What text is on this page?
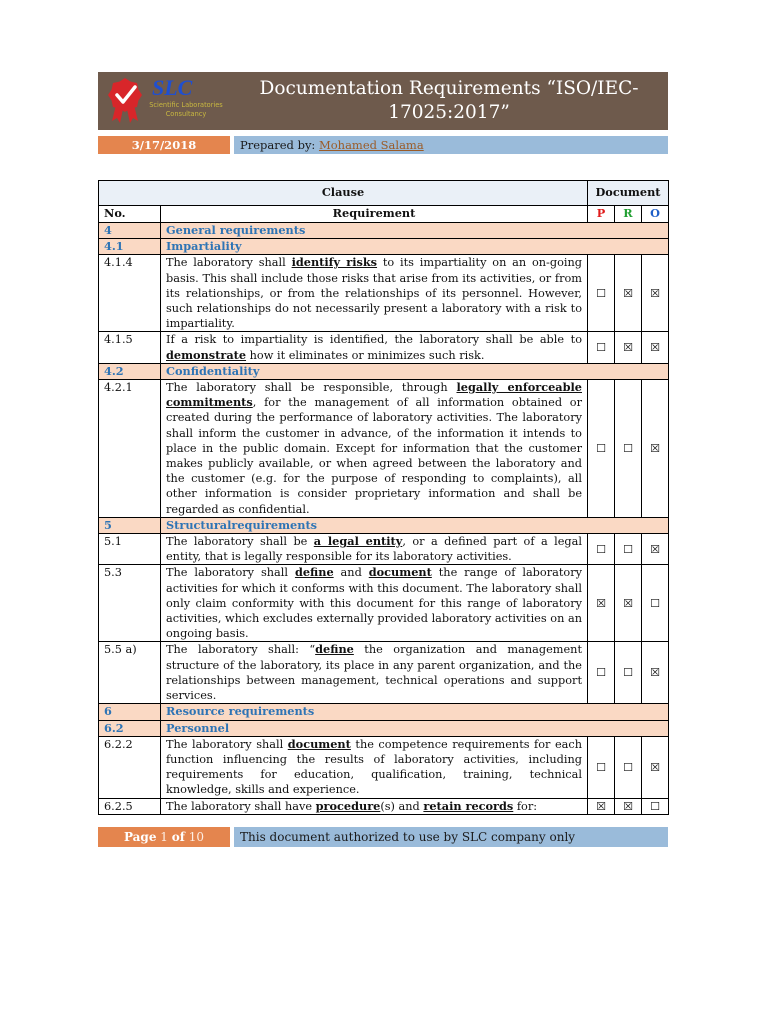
SLC
Scientific Laboratories
Consultancy
Documentation Requirements “ISO/IEC-
17025:2017”
3/17/2018	Prepared by: Mohamed Salama
Clause		Document		
No.	Requirement	P	R	O
4	General requirements			
4.1	Impartiality			
4.1.4	The laboratory shall identify risks to its impartiality on an on-going basis. This shall include those risks that arise from its activities, or from its relationships, or from the relationships of its personnel. However, such relationships do not necessarily present a laboratory with a risk to impartiality.	☐	☒	☒
4.1.5	If a risk to impartiality is identified, the laboratory shall be able to demonstrate how it eliminates or minimizes such risk.	☐	☒	☒
4.2	Confidentiality			
4.2.1	The laboratory shall be responsible, through legally enforceable commitments, for the management of all information obtained or created during the performance of laboratory activities. The laboratory shall inform the customer in advance, of the information it intends to place in the public domain. Except for information that the customer makes publicly available, or when agreed between the laboratory and the customer (e.g. for the purpose of responding to complaints), all other information is consider proprietary information and shall be regarded as confidential.	☐	☐	☒
5	Structuralrequirements			
5.1	The laboratory shall be a legal entity, or a defined part of a legal entity, that is legally responsible for its laboratory activities.	☐	☐	☒
5.3	The laboratory shall define and document the range of laboratory activities for which it conforms with this document. The laboratory shall only claim conformity with this document for this range of laboratory activities, which excludes externally provided laboratory activities on an ongoing basis.	☒	☒	☐
5.5 a)	The laboratory shall: “define the organization and management structure of the laboratory, its place in any parent organization, and the relationships between management, technical operations and support services.	☐	☐	☒
6	Resource requirements			
6.2	Personnel			
6.2.2	The laboratory shall document the competence requirements for each function influencing the results of laboratory activities, including requirements for education, qualification, training, technical knowledge, skills and experience.	☐	☐	☒
6.2.5	The laboratory shall have procedure(s) and retain records for:	☒	☒	☐
Page 1 of 10	This document authorized to use by SLC company only
